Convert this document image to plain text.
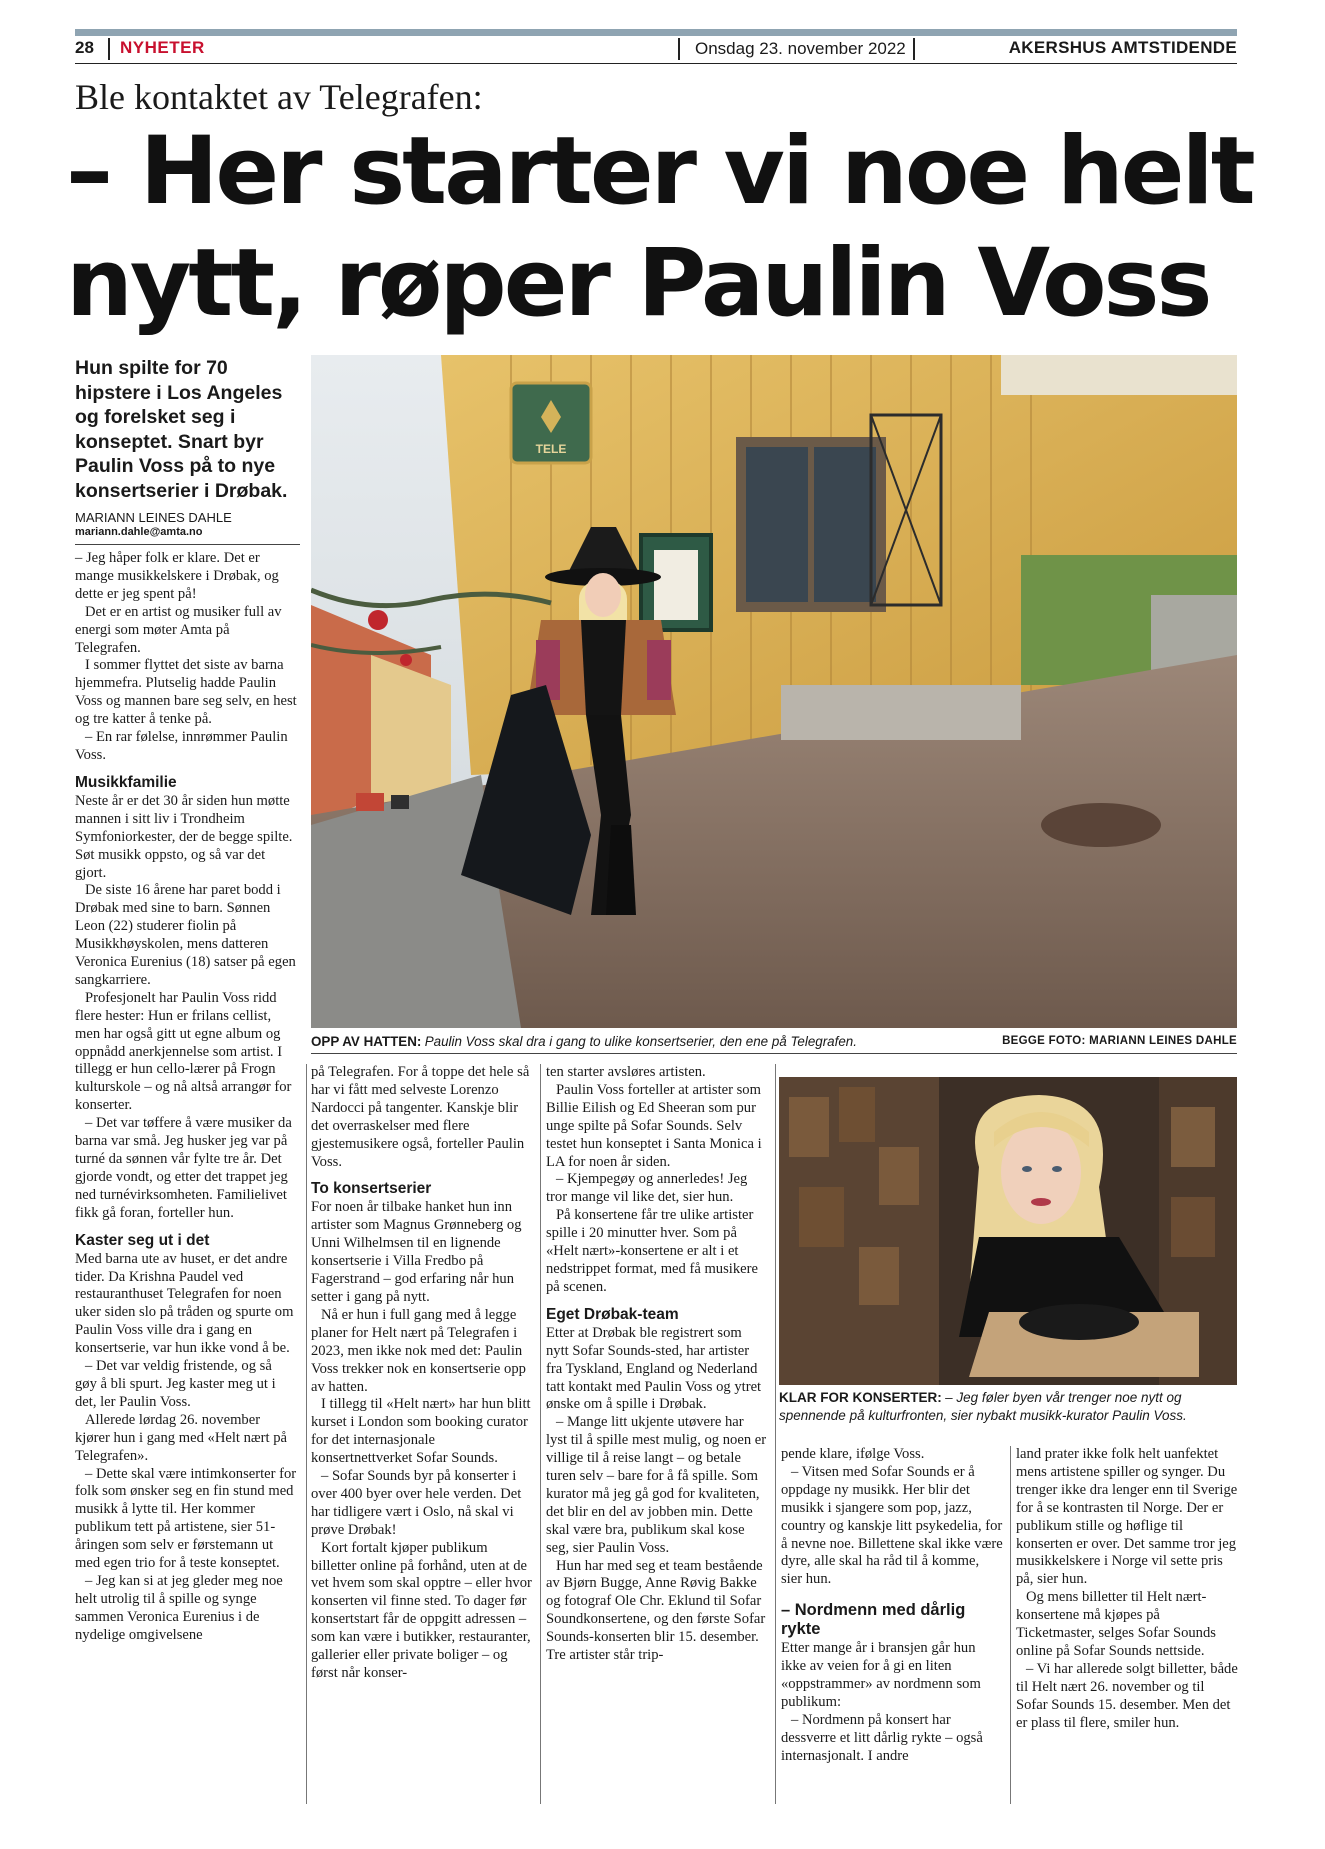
28 NYHETER	Onsdag 23. november 2022	AKERSHUS AMTSTIDENDE
Ble kontaktet av Telegrafen:
– Her starter vi noe helt
nytt, røper Paulin Voss
Hun spilte for 70 hipstere i Los Angeles og forelsket seg i konseptet. Snart byr Paulin Voss på to nye konsertserier i Drøbak.
MARIANN LEINES DAHLE
mariann.dahle@amta.no
TELE
OPP AV HATTEN: Paulin Voss skal dra i gang to ulike konsertserier, den ene på Telegrafen.	BEGGE FOTO: MARIANN LEINES DAHLE
KLAR FOR KONSERTER: – Jeg føler byen vår trenger noe nytt og spennende på kulturfronten, sier nybakt musikk-kurator Paulin Voss.

– Jeg håper folk er klare. Det er mange musikkelskere i Drøbak, og dette er jeg spent på!

Det er en artist og musiker full av energi som møter Amta på Telegrafen.

I sommer flyttet det siste av barna hjemmefra. Plutselig hadde Paulin Voss og mannen bare seg selv, en hest og tre katter å tenke på.

– En rar følelse, innrømmer Paulin Voss.

Musikkfamilie

Neste år er det 30 år siden hun møtte mannen i sitt liv i Trondheim Symfoniorkester, der de begge spilte. Søt musikk oppsto, og så var det gjort.

De siste 16 årene har paret bodd i Drøbak med sine to barn. Sønnen Leon (22) studerer fiolin på Musikkhøyskolen, mens datteren Veronica Eurenius (18) satser på egen sangkarriere.

Profesjonelt har Paulin Voss ridd flere hester: Hun er frilans cellist, men har også gitt ut egne album og oppnådd anerkjennelse som artist. I tillegg er hun cello-lærer på Frogn kulturskole – og nå altså arrangør for konserter.

– Det var tøffere å være musiker da barna var små. Jeg husker jeg var på turné da sønnen vår fylte tre år. Det gjorde vondt, og etter det trappet jeg ned turnévirksomheten. Familielivet fikk gå foran, forteller hun.

Kaster seg ut i det

Med barna ute av huset, er det andre tider. Da Krishna Paudel ved restauranthuset Telegrafen for noen uker siden slo på tråden og spurte om Paulin Voss ville dra i gang en konsertserie, var hun ikke vond å be.

– Det var veldig fristende, og så gøy å bli spurt. Jeg kaster meg ut i det, ler Paulin Voss.

Allerede lørdag 26. november kjører hun i gang med «Helt nært på Telegrafen».

– Dette skal være intimkonserter for folk som ønsker seg en fin stund med musikk å lytte til. Her kommer publikum tett på artistene, sier 51-åringen som selv er førstemann ut med egen trio for å teste konseptet.

– Jeg kan si at jeg gleder meg noe helt utrolig til å spille og synge sammen Veronica Eurenius i de nydelige omgivelsene

på Telegrafen. For å toppe det hele så har vi fått med selveste Lorenzo Nardocci på tangenter. Kanskje blir det overraskelser med flere gjestemusikere også, forteller Paulin Voss.

To konsertserier

For noen år tilbake hanket hun inn artister som Magnus Grønneberg og Unni Wilhelmsen til en lignende konsertserie i Villa Fredbo på Fagerstrand – god erfaring når hun setter i gang på nytt.

Nå er hun i full gang med å legge planer for Helt nært på Telegrafen i 2023, men ikke nok med det: Paulin Voss trekker nok en konsertserie opp av hatten.

I tillegg til «Helt nært» har hun blitt kurset i London som booking curator for det internasjonale konsertnettverket Sofar Sounds.

– Sofar Sounds byr på konserter i over 400 byer over hele verden. Det har tidligere vært i Oslo, nå skal vi prøve Drøbak!

Kort fortalt kjøper publikum billetter online på forhånd, uten at de vet hvem som skal opptre – eller hvor konserten vil finne sted. To dager før konsertstart får de oppgitt adressen – som kan være i butikker, restauranter, gallerier eller private boliger – og først når konser-

ten starter avsløres artisten.

Paulin Voss forteller at artister som Billie Eilish og Ed Sheeran som pur unge spilte på Sofar Sounds. Selv testet hun konseptet i Santa Monica i LA for noen år siden.

– Kjempegøy og annerledes! Jeg tror mange vil like det, sier hun.

På konsertene får tre ulike artister spille i 20 minutter hver. Som på «Helt nært»-konsertene er alt i et nedstrippet format, med få musikere på scenen.

Eget Drøbak-team

Etter at Drøbak ble registrert som nytt Sofar Sounds-sted, har artister fra Tyskland, England og Nederland tatt kontakt med Paulin Voss og ytret ønske om å spille i Drøbak.

– Mange litt ukjente utøvere har lyst til å spille mest mulig, og noen er villige til å reise langt – og betale turen selv – bare for å få spille. Som kurator må jeg gå god for kvaliteten, det blir en del av jobben min. Dette skal være bra, publikum skal kose seg, sier Paulin Voss.

Hun har med seg et team bestående av Bjørn Bugge, Anne Røvig Bakke og fotograf Ole Chr. Eklund til Sofar Soundkonsertene, og den første Sofar Sounds-konserten blir 15. desember. Tre artister står trip-

pende klare, ifølge Voss.

– Vitsen med Sofar Sounds er å oppdage ny musikk. Her blir det musikk i sjangere som pop, jazz, country og kanskje litt psykedelia, for å nevne noe. Billettene skal ikke være dyre, alle skal ha råd til å komme, sier hun.

– Nordmenn med dårlig rykte

Etter mange år i bransjen går hun ikke av veien for å gi en liten «oppstrammer» av nordmenn som publikum:

– Nordmenn på konsert har dessverre et litt dårlig rykte – også internasjonalt. I andre

land prater ikke folk helt uanfektet mens artistene spiller og synger. Du trenger ikke dra lenger enn til Sverige for å se kontrasten til Norge. Der er publikum stille og høflige til konserten er over. Det samme tror jeg musikkelskere i Norge vil sette pris på, sier hun.

Og mens billetter til Helt nært-konsertene må kjøpes på Ticketmaster, selges Sofar Sounds online på Sofar Sounds nettside.

– Vi har allerede solgt billetter, både til Helt nært 26. november og til Sofar Sounds 15. desember. Men det er plass til flere, smiler hun.
